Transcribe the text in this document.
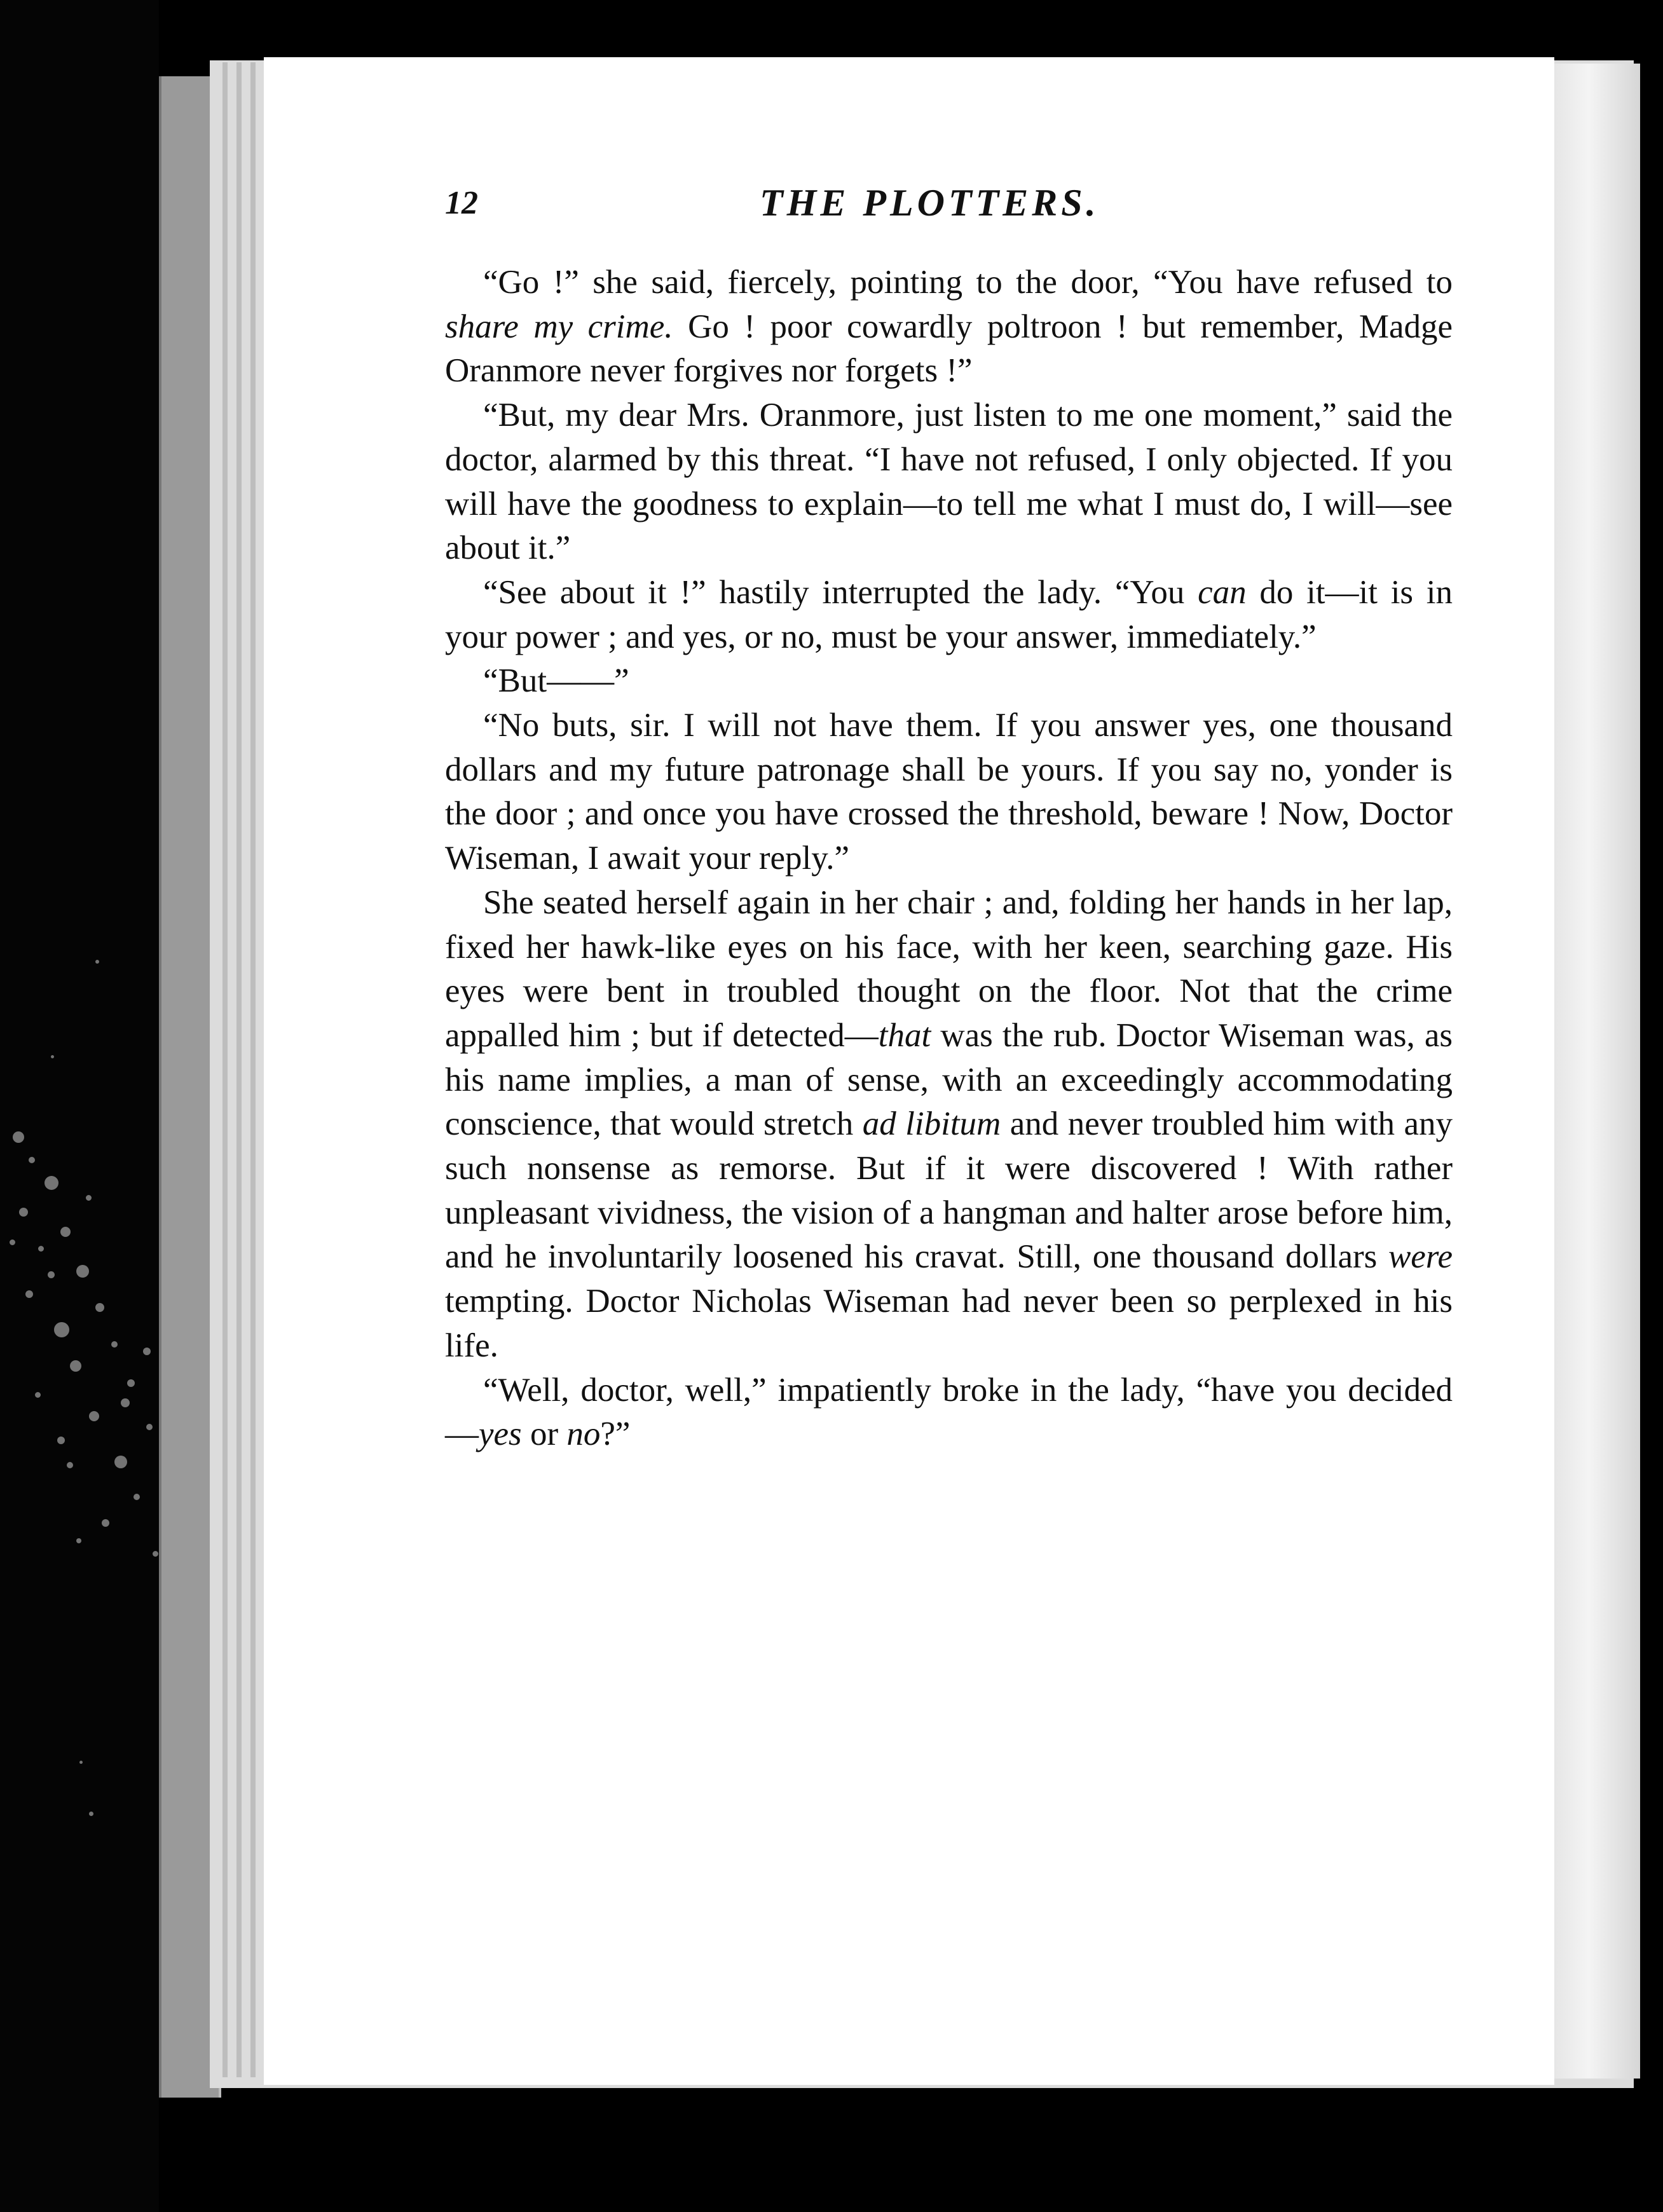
12	THE PLOTTERS.

“Go !” she said, fiercely, pointing to the door, “You have refused to share my crime. Go ! poor cowardly poltroon ! but remember, Madge Oranmore never forgives nor forgets !”

“But, my dear Mrs. Oranmore, just listen to me one moment,” said the doctor, alarmed by this threat. “I have not refused, I only objected. If you will have the goodness to explain—to tell me what I must do, I will—see about it.”

“See about it !” hastily interrupted the lady. “You can do it—it is in your power ; and yes, or no, must be your answer, immediately.”

“But——”

“No buts, sir. I will not have them. If you answer yes, one thousand dollars and my future patronage shall be yours. If you say no, yonder is the door ; and once you have crossed the threshold, beware ! Now, Doctor Wiseman, I await your reply.”

She seated herself again in her chair ; and, folding her hands in her lap, fixed her hawk-like eyes on his face, with her keen, searching gaze. His eyes were bent in troubled thought on the floor. Not that the crime appalled him ; but if detected—that was the rub. Doctor Wiseman was, as his name implies, a man of sense, with an exceedingly accommodating conscience, that would stretch ad libitum and never troubled him with any such nonsense as remorse. But if it were discovered ! With rather unpleasant vividness, the vision of a hangman and halter arose before him, and he involuntarily loosened his cravat. Still, one thousand dollars were tempting. Doctor Nicholas Wiseman had never been so perplexed in his life.

“Well, doctor, well,” impatiently broke in the lady, “have you decided—yes or no?”
